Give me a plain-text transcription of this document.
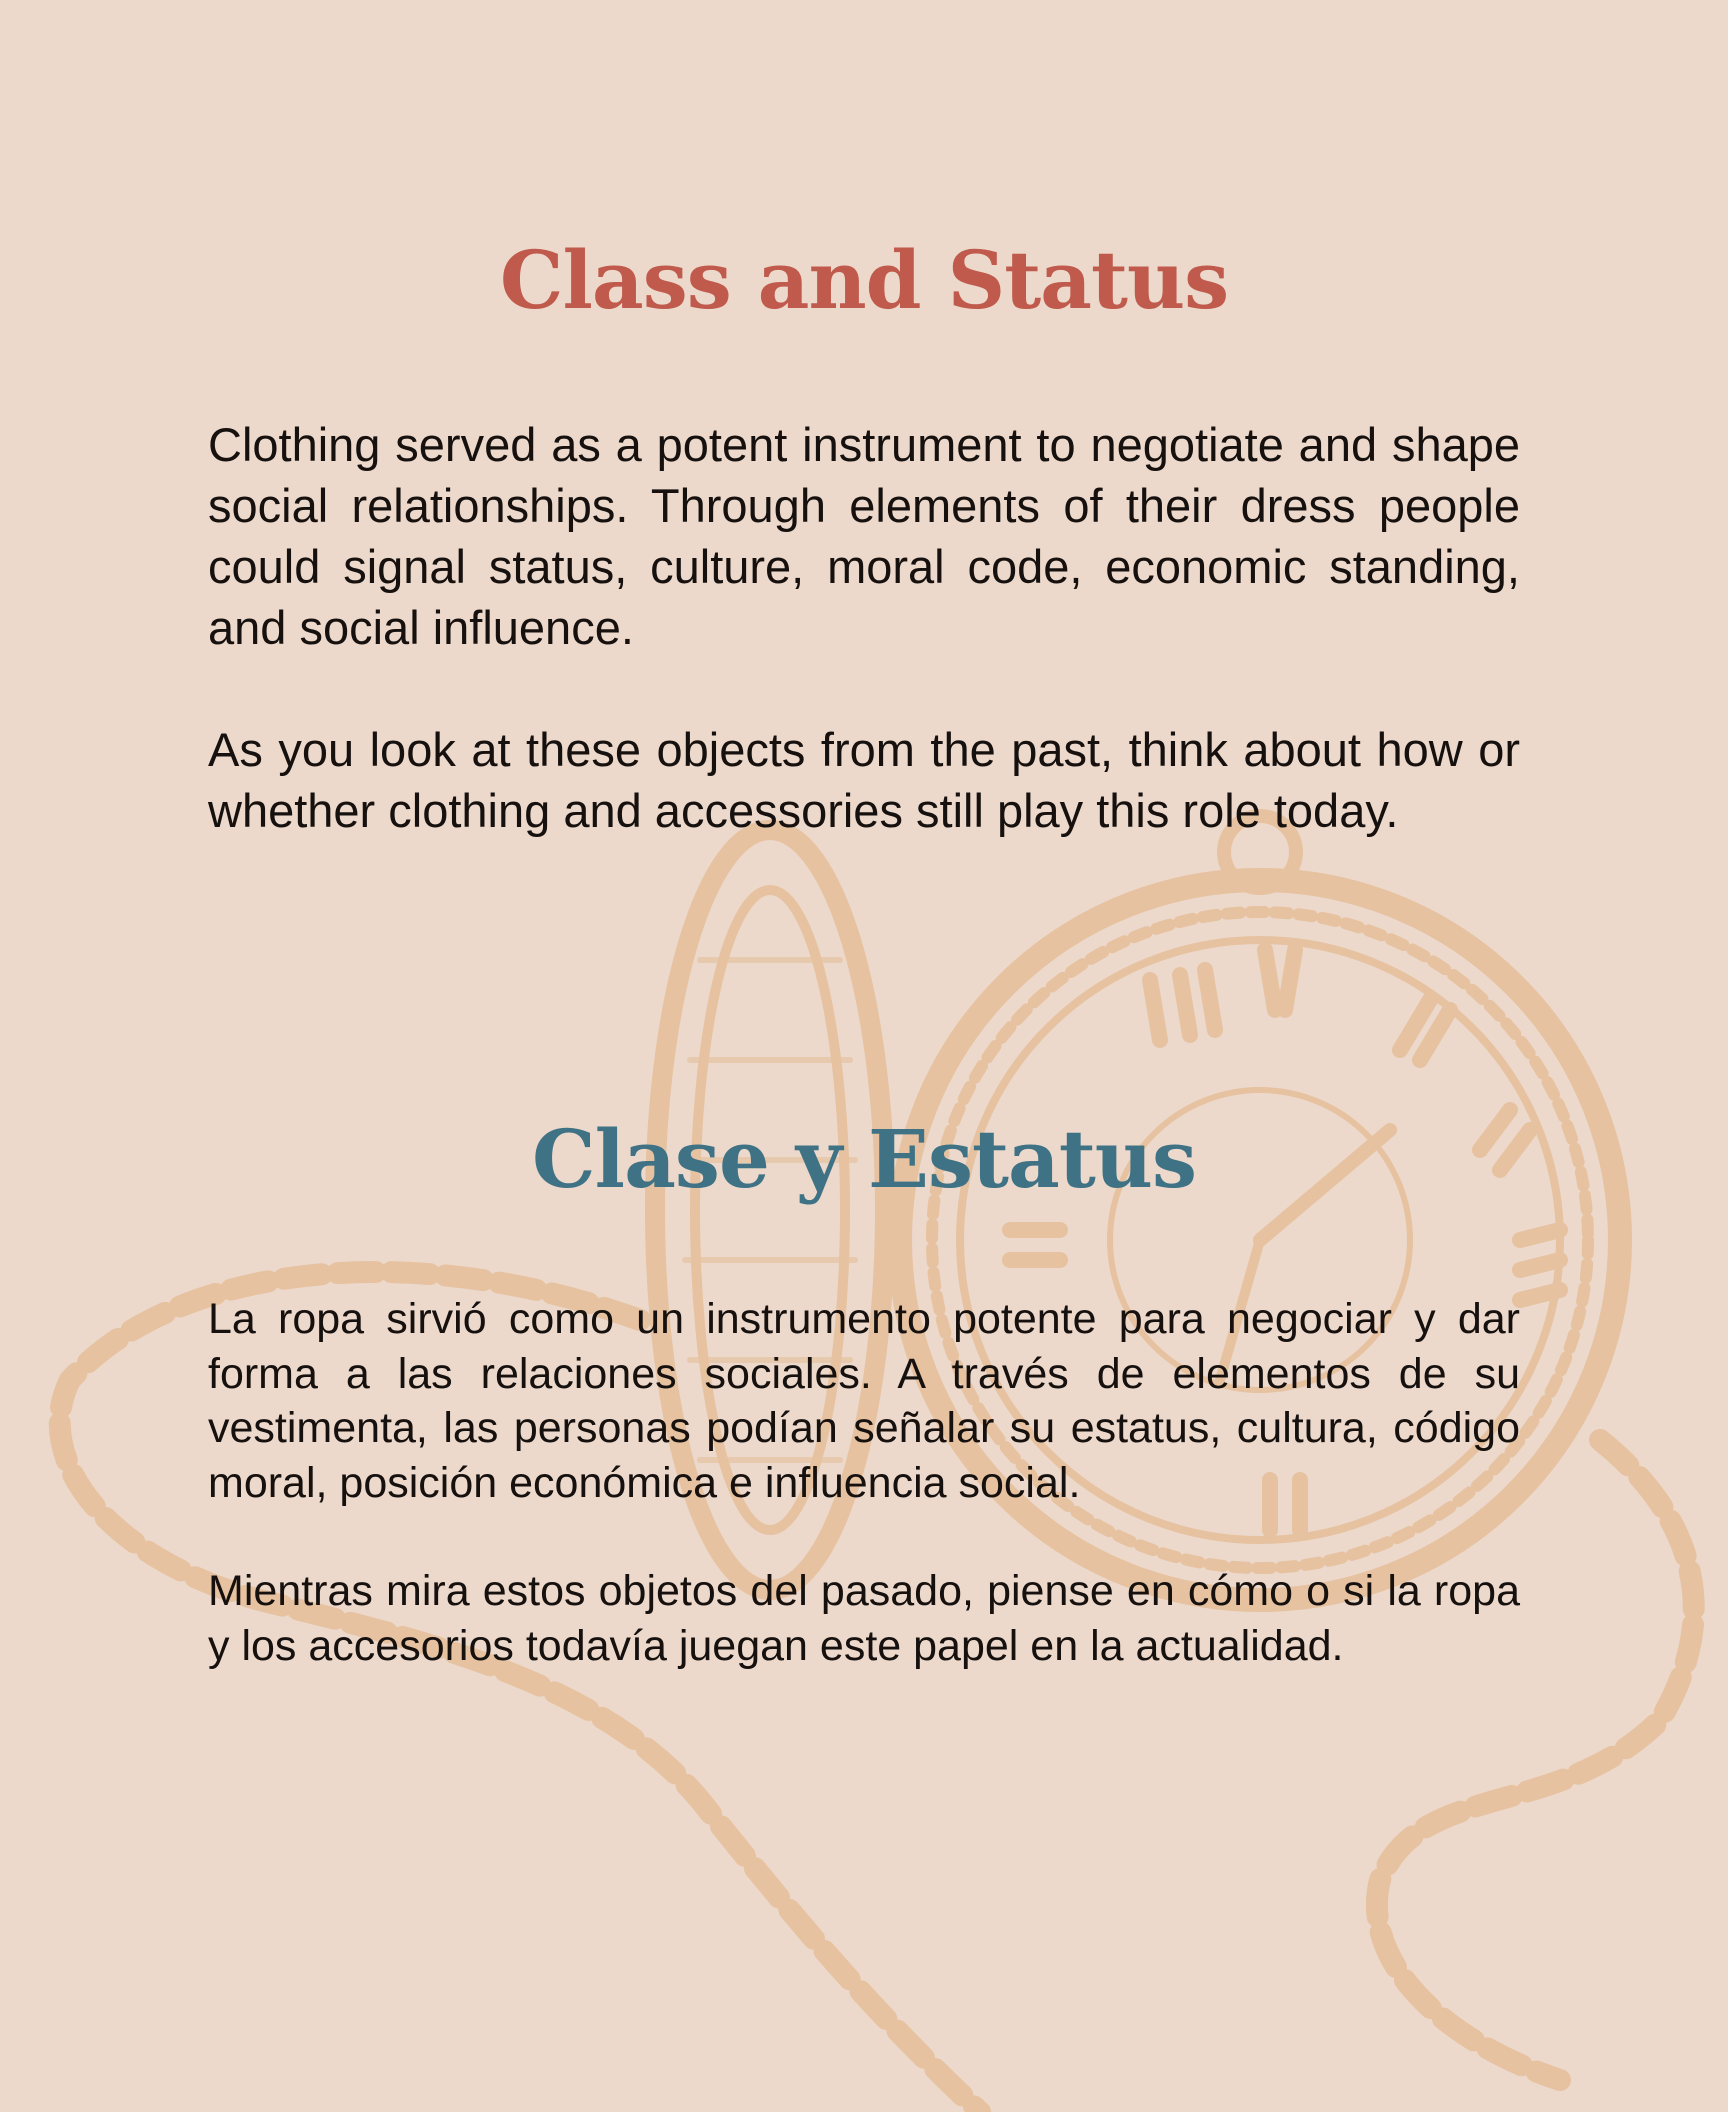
Class and Status

Clothing served as a potent instrument to negotiate and shape social relationships. Through elements of their dress people could signal status, culture, moral code, economic standing, and social influence.

As you look at these objects from the past, think about how or whether clothing and accessories still play this role today.

Clase y Estatus

La ropa sirvió como un instrumento potente para negociar y dar forma a las relaciones sociales. A través de elementos de su vestimenta, las personas podían señalar su estatus, cultura, código moral, posición económica e influencia social.

Mientras mira estos objetos del pasado, piense en cómo o si la ropa y los accesorios todavía juegan este papel en la actualidad.
